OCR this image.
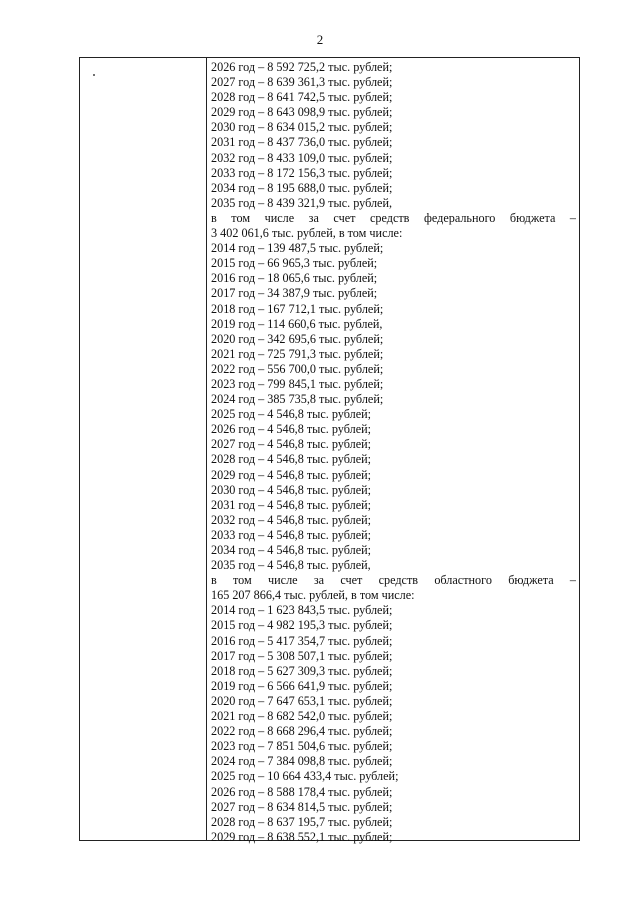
2
2026 год – 8 592 725,2 тыс. рублей;
2027 год – 8 639 361,3 тыс. рублей;
2028 год – 8 641 742,5 тыс. рублей;
2029 год – 8 643 098,9 тыс. рублей;
2030 год – 8 634 015,2 тыс. рублей;
2031 год – 8 437 736,0 тыс. рублей;
2032 год – 8 433 109,0 тыс. рублей;
2033 год – 8 172 156,3 тыс. рублей;
2034 год – 8 195 688,0 тыс. рублей;
2035 год – 8 439 321,9 тыс. рублей,
в том числе за счет средств федерального бюджета –
3 402 061,6 тыс. рублей, в том числе:
2014 год – 139 487,5 тыс. рублей;
2015 год – 66 965,3 тыс. рублей;
2016 год – 18 065,6 тыс. рублей;
2017 год – 34 387,9 тыс. рублей;
2018 год – 167 712,1 тыс. рублей;
2019 год – 114 660,6 тыс. рублей,
2020 год – 342 695,6 тыс. рублей;
2021 год – 725 791,3 тыс. рублей;
2022 год – 556 700,0 тыс. рублей;
2023 год – 799 845,1 тыс. рублей;
2024 год – 385 735,8 тыс. рублей;
2025 год – 4 546,8 тыс. рублей;
2026 год – 4 546,8 тыс. рублей;
2027 год – 4 546,8 тыс. рублей;
2028 год – 4 546,8 тыс. рублей;
2029 год – 4 546,8 тыс. рублей;
2030 год – 4 546,8 тыс. рублей;
2031 год – 4 546,8 тыс. рублей;
2032 год – 4 546,8 тыс. рублей;
2033 год – 4 546,8 тыс. рублей;
2034 год – 4 546,8 тыс. рублей;
2035 год – 4 546,8 тыс. рублей,
в том числе за счет средств областного бюджета –
165 207 866,4 тыс. рублей, в том числе:
2014 год – 1 623 843,5 тыс. рублей;
2015 год – 4 982 195,3 тыс. рублей;
2016 год – 5 417 354,7 тыс. рублей;
2017 год – 5 308 507,1 тыс. рублей;
2018 год – 5 627 309,3 тыс. рублей;
2019 год – 6 566 641,9 тыс. рублей;
2020 год – 7 647 653,1 тыс. рублей;
2021 год – 8 682 542,0 тыс. рублей;
2022 год – 8 668 296,4 тыс. рублей;
2023 год – 7 851 504,6 тыс. рублей;
2024 год – 7 384 098,8 тыс. рублей;
2025 год – 10 664 433,4 тыс. рублей;
2026 год – 8 588 178,4 тыс. рублей;
2027 год – 8 634 814,5 тыс. рублей;
2028 год – 8 637 195,7 тыс. рублей;
2029 год – 8 638 552,1 тыс. рублей;
